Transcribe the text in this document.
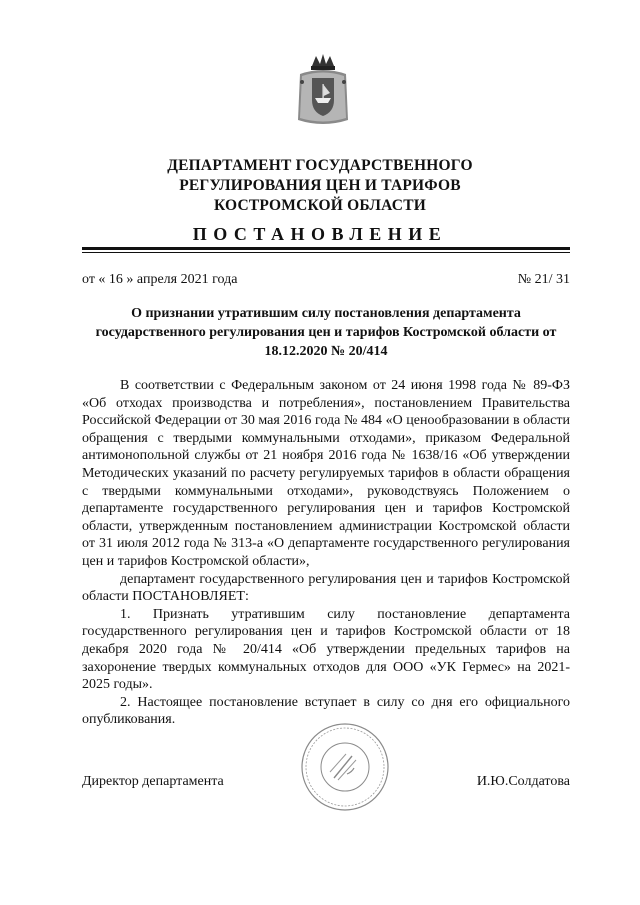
ДЕПАРТАМЕНТ ГОСУДАРСТВЕННОГО
РЕГУЛИРОВАНИЯ ЦЕН И ТАРИФОВ
КОСТРОМСКОЙ ОБЛАСТИ
ПОСТАНОВЛЕНИЕ
от « 16 » апреля 2021 года	№ 21/ 31
О признании утратившим силу постановления департамента государственного регулирования цен и тарифов Костромской области от 18.12.2020 № 20/414

В соответствии с Федеральным законом от 24 июня 1998 года № 89-ФЗ «Об отходах производства и потребления», постановлением Правительства Российской Федерации от 30 мая 2016 года № 484 «О ценообразовании в области обращения с твердыми коммунальными отходами», приказом Федеральной антимонопольной службы от 21 ноября 2016 года № 1638/16 «Об утверждении Методических указаний по расчету регулируемых тарифов в области обращения с твердыми коммунальными отходами», руководствуясь Положением о департаменте государственного регулирования цен и тарифов Костромской области, утвержденным постановлением администрации Костромской области от 31 июля 2012 года № 313-а «О департаменте государственного регулирования цен и тарифов Костромской области»,

департамент государственного регулирования цен и тарифов Костромской области ПОСТАНОВЛЯЕТ:

1. Признать утратившим силу постановление департамента государственного регулирования цен и тарифов Костромской области от 18 декабря 2020 года № 20/414 «Об утверждении предельных тарифов на захоронение твердых коммунальных отходов для ООО «УК Гермес» на 2021-2025 годы».

2. Настоящее постановление вступает в силу со дня его официального опубликования.

Директор департамента	И.Ю.Солдатова
